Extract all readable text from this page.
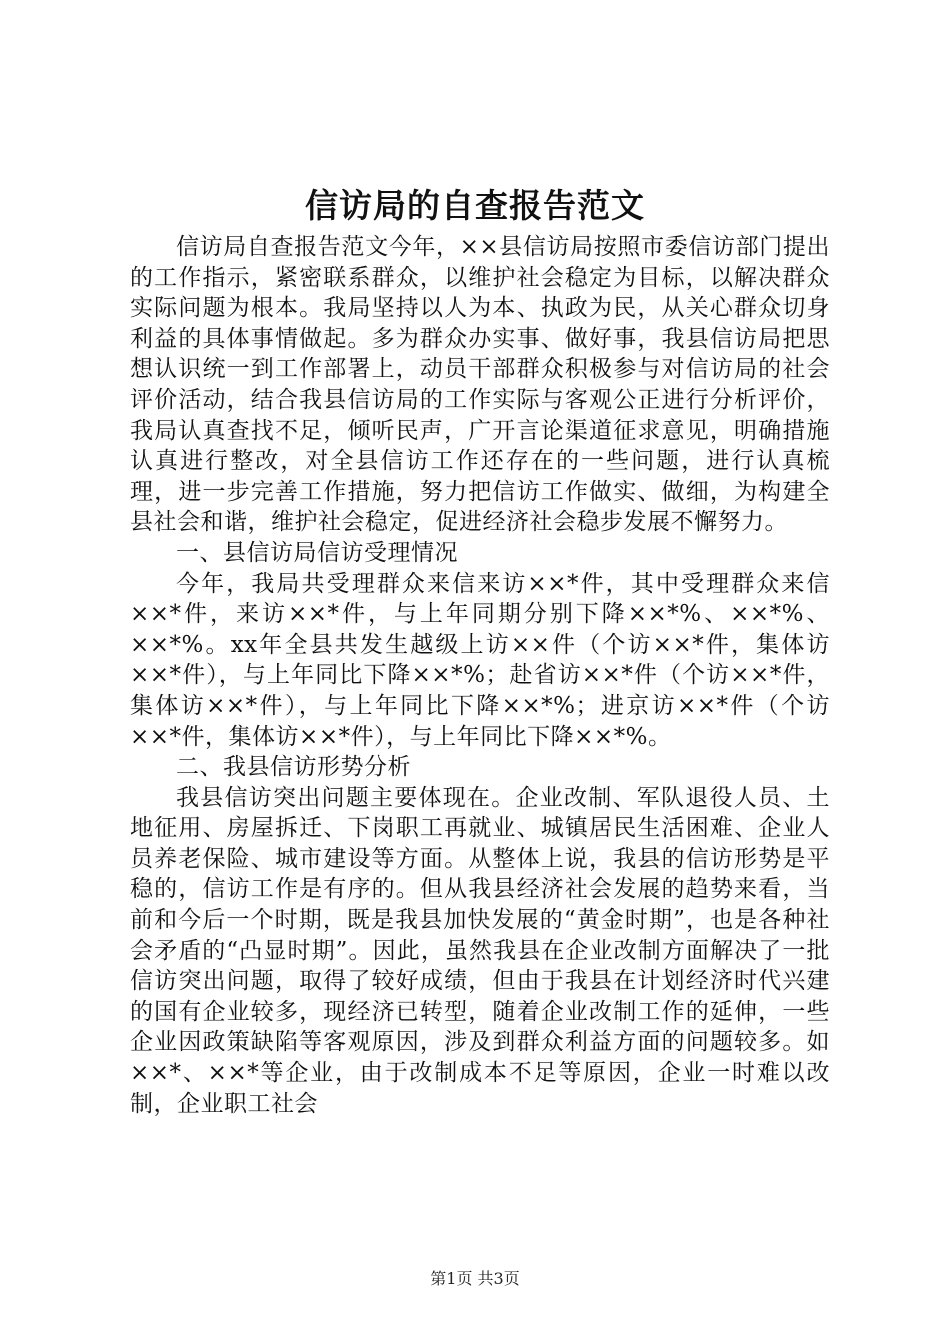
信访局的自查报告范文

信访局自查报告范文今年，××县信访局按照市委信访部门提出的工作指示，紧密联系群众，以维护社会稳定为目标，以解决群众实际问题为根本。我局坚持以人为本、执政为民，从关心群众切身利益的具体事情做起。多为群众办实事、做好事，我县信访局把思想认识统一到工作部署上，动员干部群众积极参与对信访局的社会评价活动，结合我县信访局的工作实际与客观公正进行分析评价，我局认真查找不足，倾听民声，广开言论渠道征求意见，明确措施认真进行整改，对全县信访工作还存在的一些问题，进行认真梳理，进一步完善工作措施，努力把信访工作做实、做细，为构建全县社会和谐，维护社会稳定，促进经济社会稳步发展不懈努力。

一、县信访局信访受理情况

今年，我局共受理群众来信来访××*件，其中受理群众来信××*件，来访××*件，与上年同期分别下降××*%、××*%、××*%。xx年全县共发生越级上访××件（个访××*件，集体访××*件），与上年同比下降××*%；赴省访××*件（个访××*件，集体访××*件），与上年同比下降××*%；进京访××*件（个访××*件，集体访××*件），与上年同比下降××*%。

二、我县信访形势分析

我县信访突出问题主要体现在。企业改制、军队退役人员、土地征用、房屋拆迁、下岗职工再就业、城镇居民生活困难、企业人员养老保险、城市建设等方面。从整体上说，我县的信访形势是平稳的，信访工作是有序的。但从我县经济社会发展的趋势来看，当前和今后一个时期，既是我县加快发展的“黄金时期”，也是各种社会矛盾的“凸显时期”。因此，虽然我县在企业改制方面解决了一批信访突出问题，取得了较好成绩，但由于我县在计划经济时代兴建的国有企业较多，现经济已转型，随着企业改制工作的延伸，一些企业因政策缺陷等客观原因，涉及到群众利益方面的问题较多。如××*、××*等企业，由于改制成本不足等原因，企业一时难以改制，企业职工社会

第1页 共3页
